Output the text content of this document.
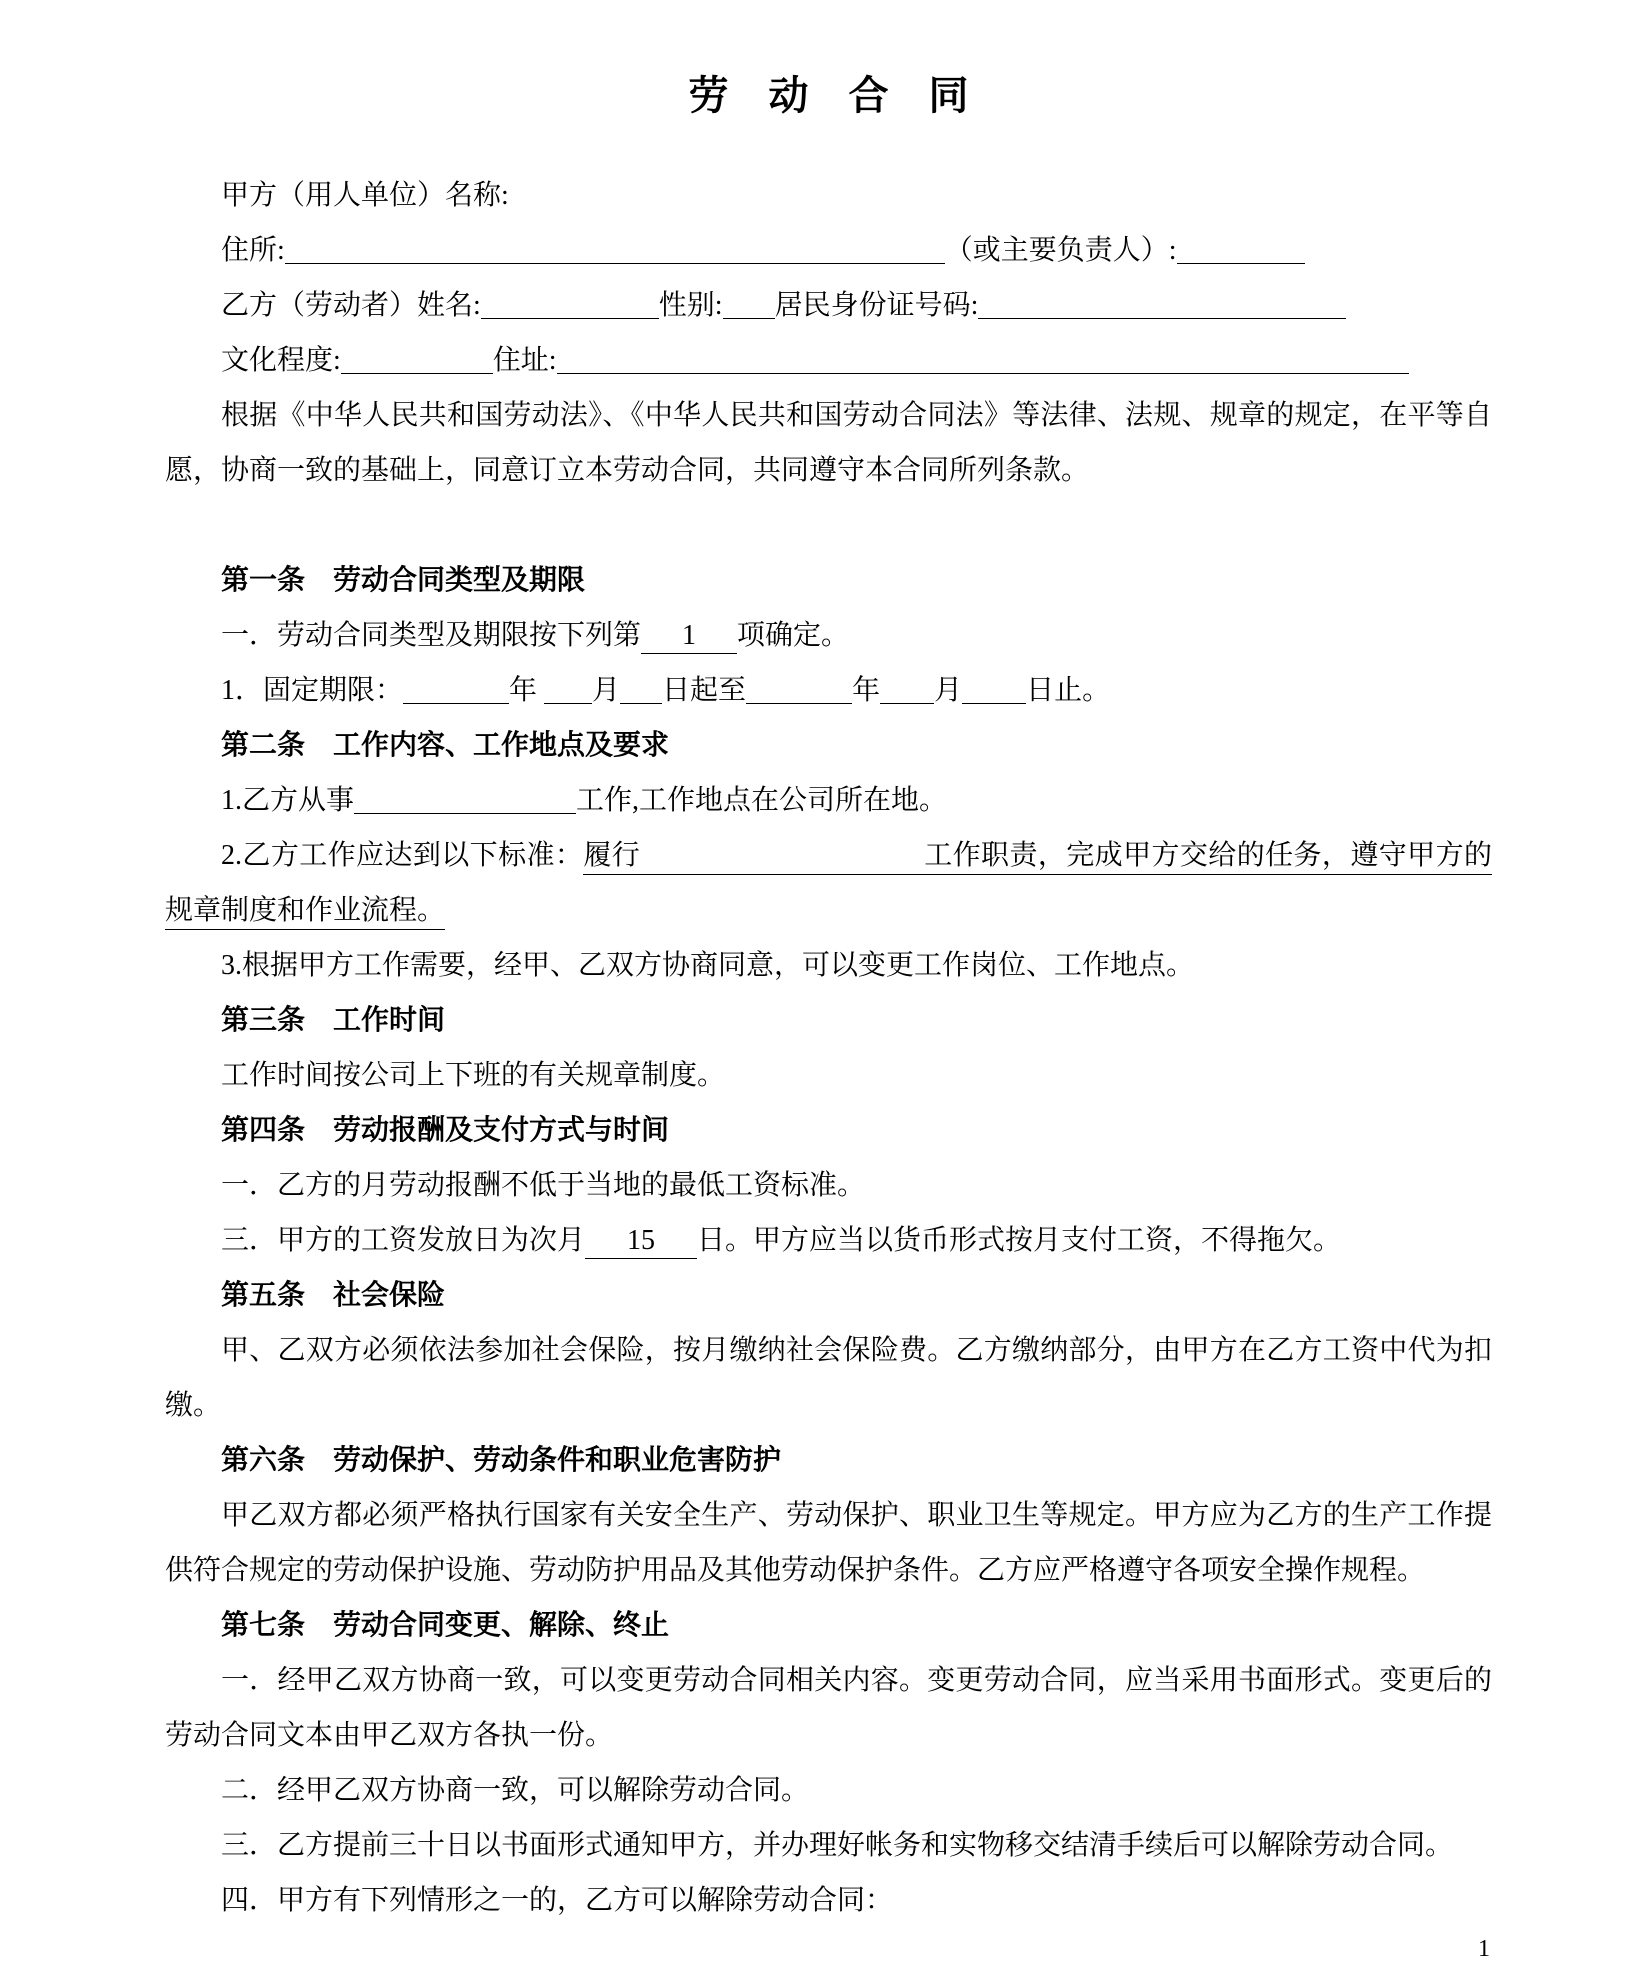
劳　动　合　同

甲方（用人单位）名称:

住所:	（或主要负责人）:

乙方（劳动者）姓名:	性别: 居民身份证号码:

文化程度:	住址:

根据《中华人民共和国劳动法》、《中华人民共和国劳动合同法》等法律、法规、规章的规定，在平等自愿，协商一致的基础上，同意订立本劳动合同，共同遵守本合同所列条款。

第一条　劳动合同类型及期限

一．劳动合同类型及期限按下列第 1 项确定。

1．固定期限：	年 月 日起至	年 月 日止。

第二条　工作内容、工作地点及要求

1.乙方从事	工作,工作地点在公司所在地。

2.乙方工作应达到以下标准：履行　　　　　　　　　　工作职责，完成甲方交给的任务，遵守甲方的规章制度和作业流程。

3.根据甲方工作需要，经甲、乙双方协商同意，可以变更工作岗位、工作地点。

第三条　工作时间

工作时间按公司上下班的有关规章制度。

第四条　劳动报酬及支付方式与时间

一．乙方的月劳动报酬不低于当地的最低工资标准。

三．甲方的工资发放日为次月 15 日。甲方应当以货币形式按月支付工资，不得拖欠。

第五条　社会保险

甲、乙双方必须依法参加社会保险，按月缴纳社会保险费。乙方缴纳部分，由甲方在乙方工资中代为扣缴。

第六条　劳动保护、劳动条件和职业危害防护

甲乙双方都必须严格执行国家有关安全生产、劳动保护、职业卫生等规定。甲方应为乙方的生产工作提供符合规定的劳动保护设施、劳动防护用品及其他劳动保护条件。乙方应严格遵守各项安全操作规程。

第七条　劳动合同变更、解除、终止

一．经甲乙双方协商一致，可以变更劳动合同相关内容。变更劳动合同，应当采用书面形式。变更后的劳动合同文本由甲乙双方各执一份。

二．经甲乙双方协商一致，可以解除劳动合同。

三．乙方提前三十日以书面形式通知甲方，并办理好帐务和实物移交结清手续后可以解除劳动合同。

四．甲方有下列情形之一的，乙方可以解除劳动合同：

1
